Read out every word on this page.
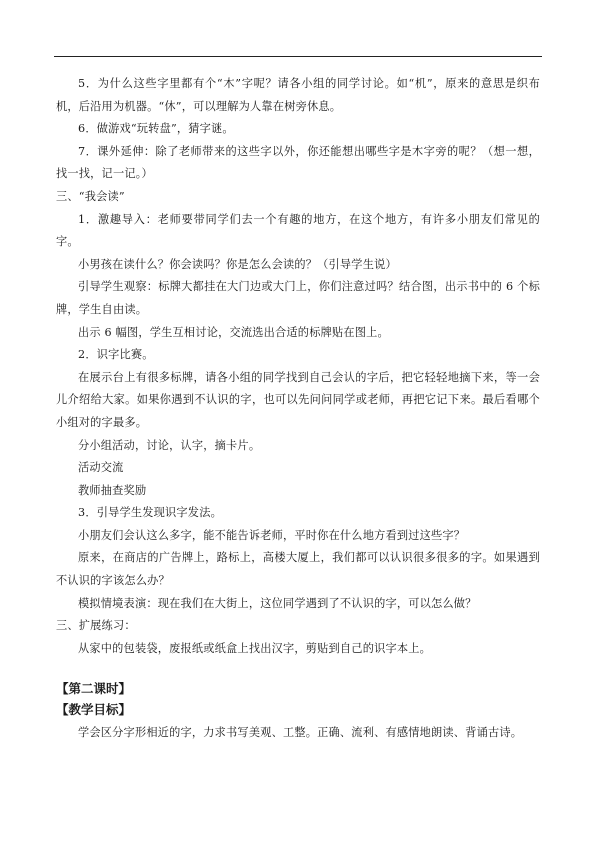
5．为什么这些字里都有个“木”字呢？请各小组的同学讨论。如“机”，原来的意思是织布机，后沿用为机器。“休”，可以理解为人靠在树旁休息。

6．做游戏“玩转盘”，猜字谜。

7．课外延伸：除了老师带来的这些字以外，你还能想出哪些字是木字旁的呢？（想一想，找一找，记一记。）

三、“我会读”

1．激趣导入：老师要带同学们去一个有趣的地方，在这个地方，有许多小朋友们常见的字。

小男孩在读什么？你会读吗？你是怎么会读的？（引导学生说）

引导学生观察：标牌大都挂在大门边或大门上，你们注意过吗？结合图，出示书中的 6 个标牌，学生自由读。

出示 6 幅图，学生互相讨论，交流选出合适的标牌贴在图上。

2．识字比赛。

在展示台上有很多标牌，请各小组的同学找到自己会认的字后，把它轻轻地摘下来，等一会儿介绍给大家。如果你遇到不认识的字，也可以先问问同学或老师，再把它记下来。最后看哪个小组对的字最多。

分小组活动，讨论，认字，摘卡片。

活动交流

教师抽查奖励

3．引导学生发现识字发法。

小朋友们会认这么多字，能不能告诉老师，平时你在什么地方看到过这些字？

原来，在商店的广告牌上，路标上，高楼大厦上，我们都可以认识很多很多的字。如果遇到不认识的字该怎么办？

模拟情境表演：现在我们在大街上，这位同学遇到了不认识的字，可以怎么做？

三、扩展练习：

从家中的包装袋，废报纸或纸盒上找出汉字，剪贴到自己的识字本上。

【第二课时】

【教学目标】

学会区分字形相近的字，力求书写美观、工整。正确、流利、有感情地朗读、背诵古诗。
